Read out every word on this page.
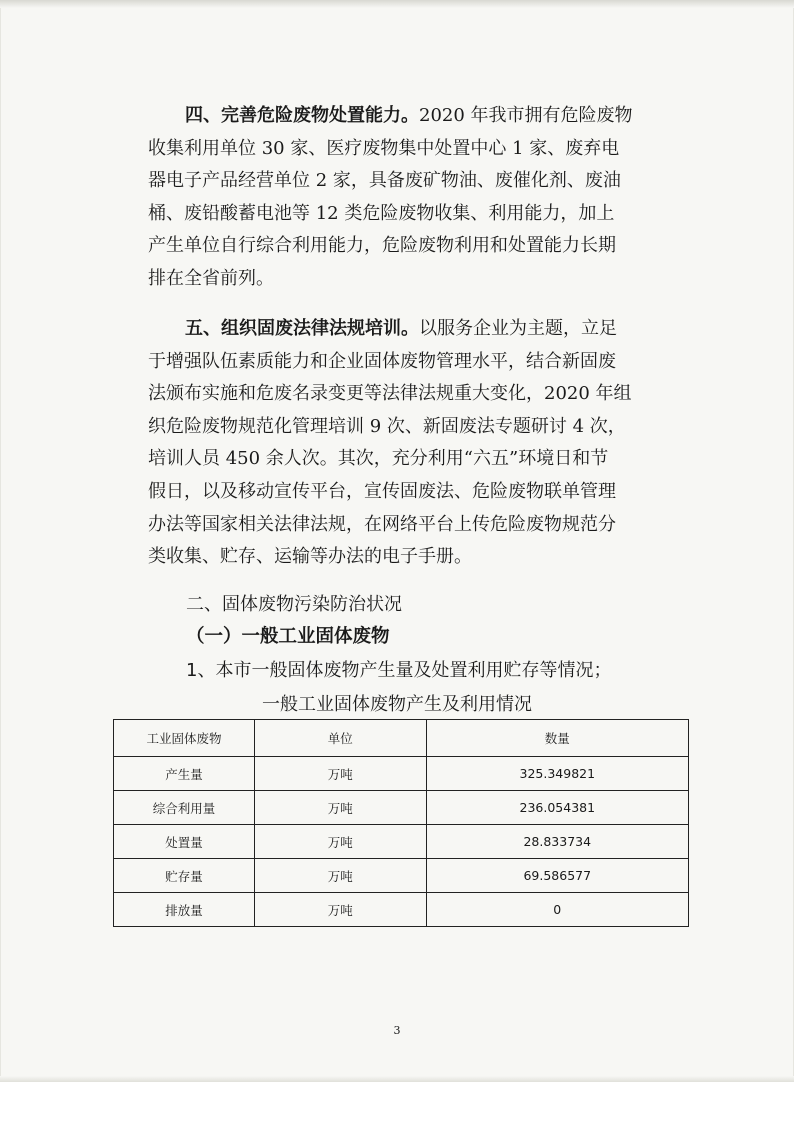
四、完善危险废物处置能力。2020 年我市拥有危险废物

收集利用单位 30 家、医疗废物集中处置中心 1 家、废弃电

器电子产品经营单位 2 家，具备废矿物油、废催化剂、废油

桶、废铅酸蓄电池等 12 类危险废物收集、利用能力，加上

产生单位自行综合利用能力，危险废物利用和处置能力长期

排在全省前列。

五、组织固废法律法规培训。以服务企业为主题，立足

于增强队伍素质能力和企业固体废物管理水平，结合新固废

法颁布实施和危废名录变更等法律法规重大变化，2020 年组

织危险废物规范化管理培训 9 次、新固废法专题研讨 4 次，

培训人员 450 余人次。其次，充分利用“六五”环境日和节

假日，以及移动宣传平台，宣传固废法、危险废物联单管理

办法等国家相关法律法规，在网络平台上传危险废物规范分

类收集、贮存、运输等办法的电子手册。

二、固体废物污染防治状况
（一）一般工业固体废物
1、本市一般固体废物产生量及处置利用贮存等情况；
一般工业固体废物产生及利用情况
工业固体废物	单位	数量
产生量	万吨	325.349821
综合利用量	万吨	236.054381
处置量	万吨	28.833734
贮存量	万吨	69.586577
排放量	万吨	0
3
